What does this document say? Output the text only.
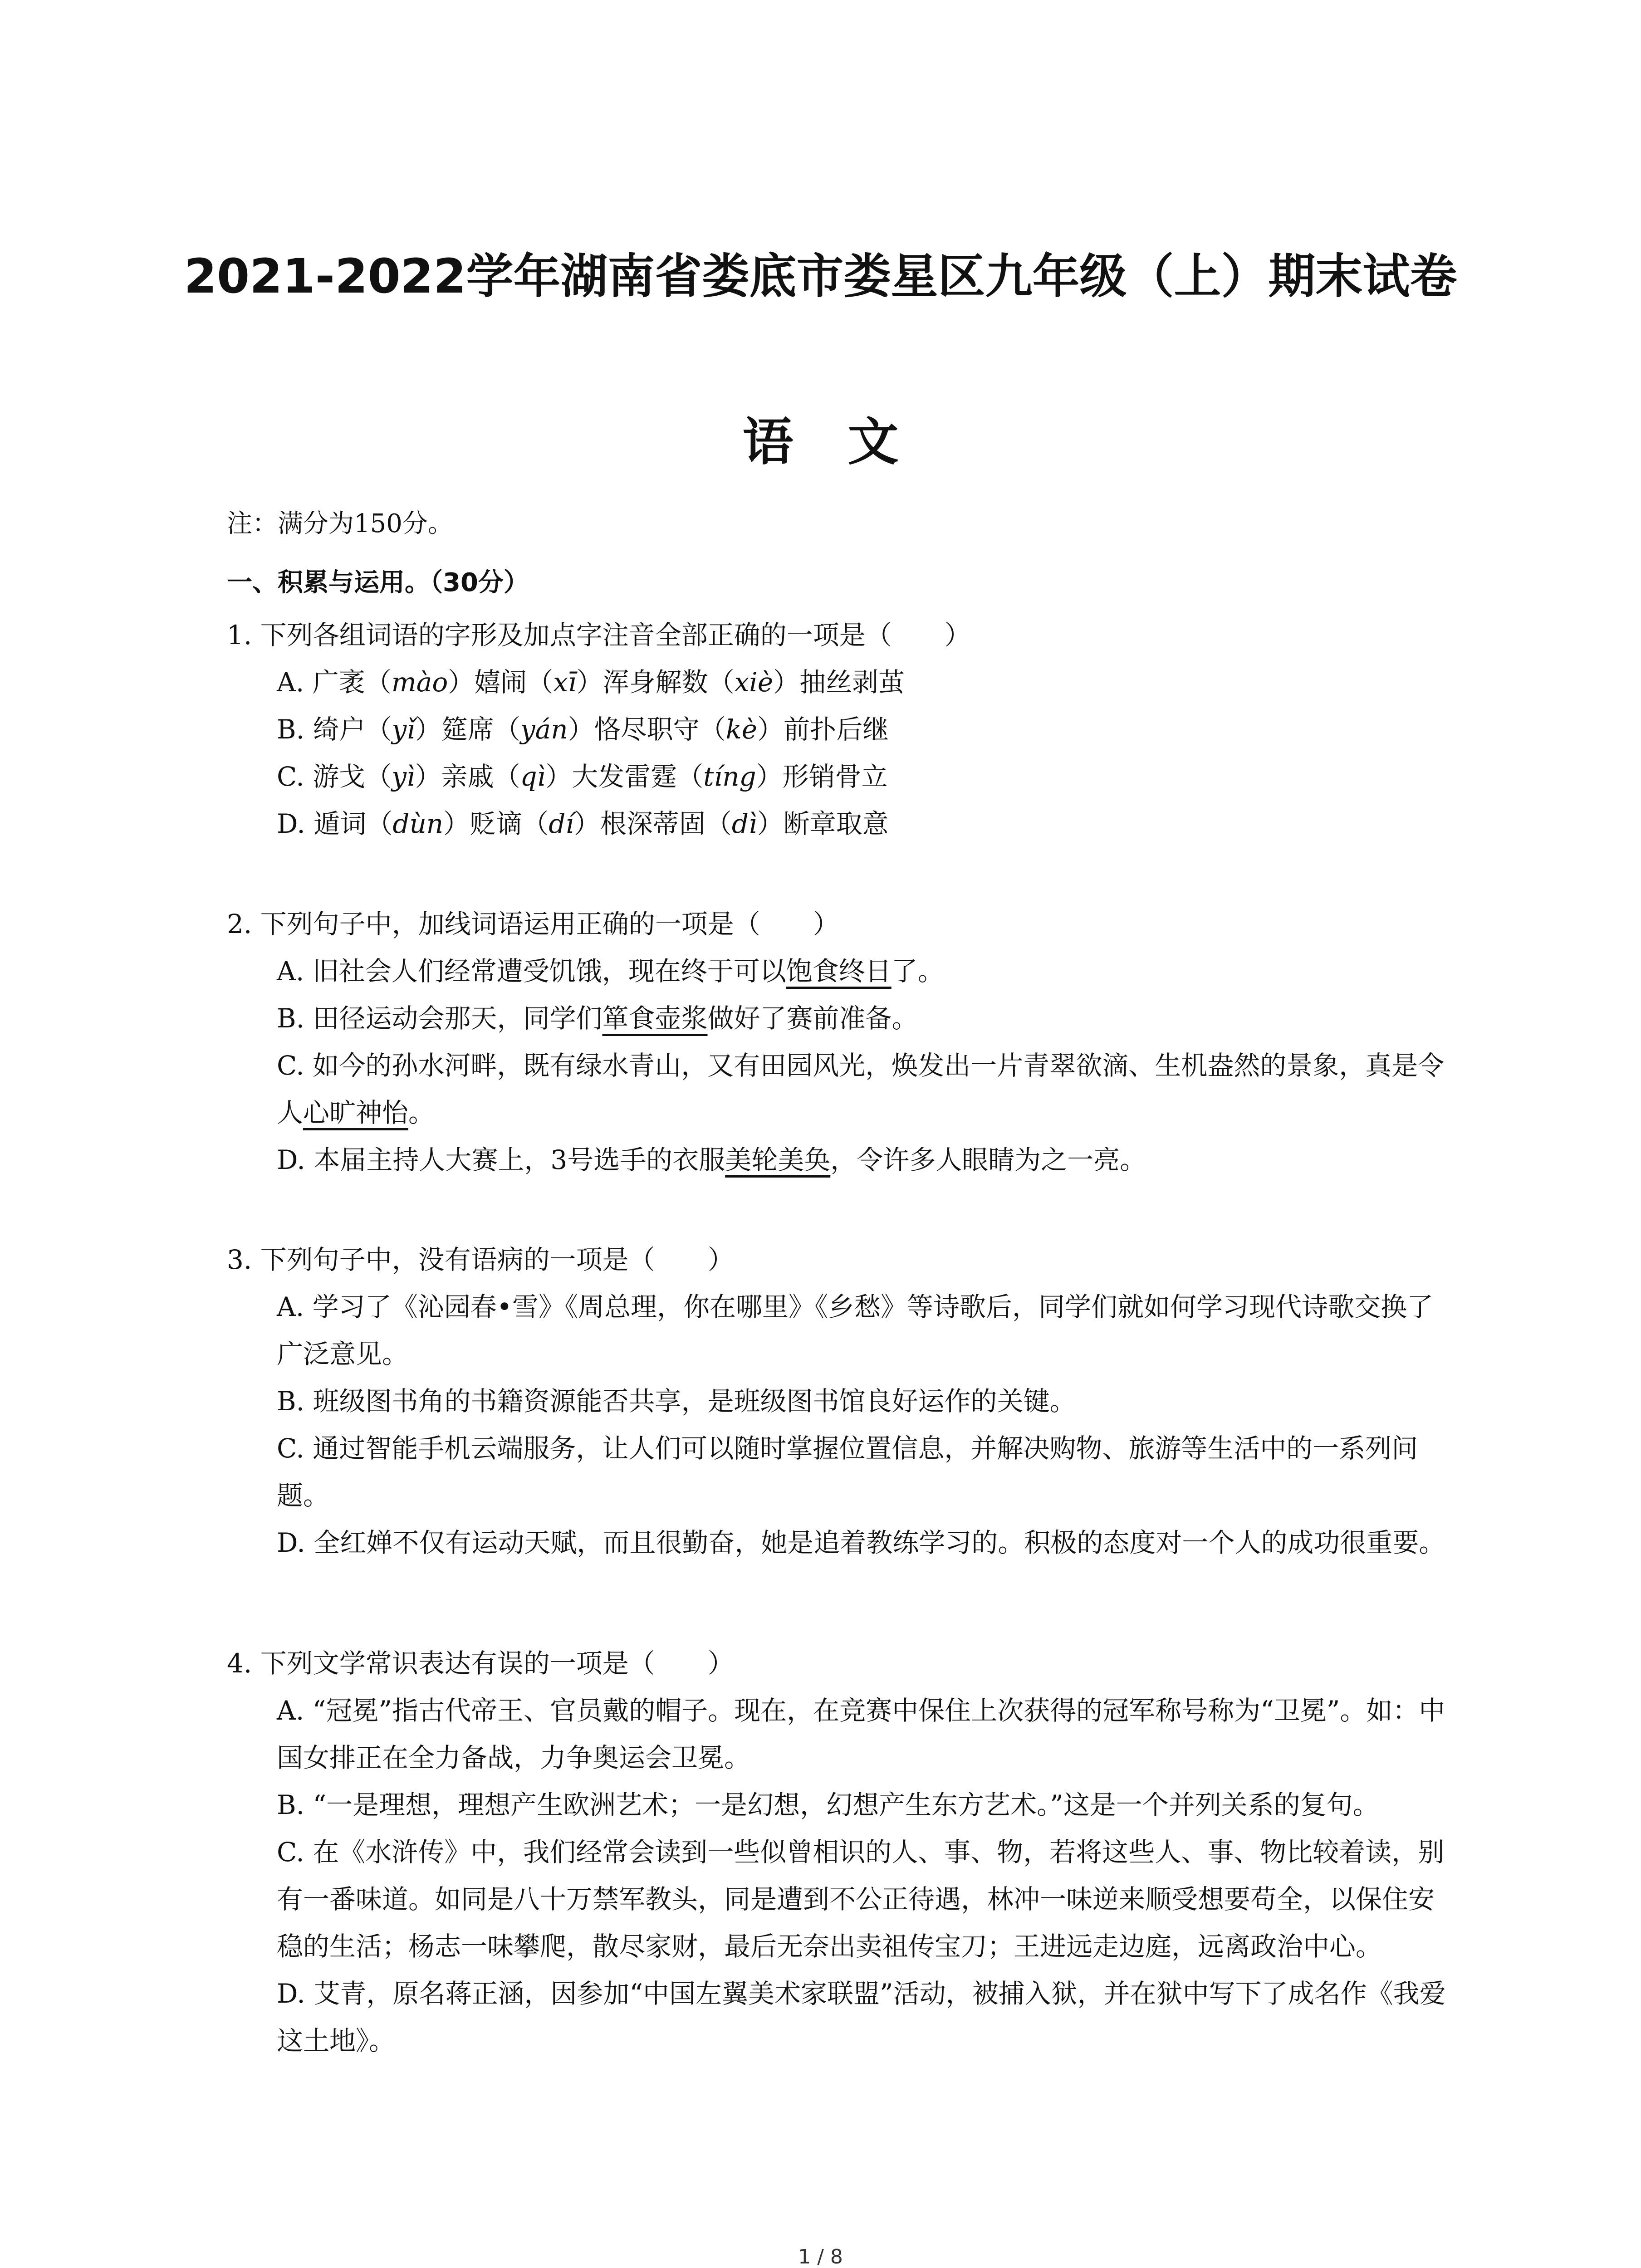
2021-2022学年湖南省娄底市娄星区九年级（上）期末试卷
语文
注：满分为150分。
一、积累与运用。（30分）
1. 下列各组词语的字形及加点字注音全部正确的一项是（　　）
A. 广袤（mào）嬉闹（xī）浑身解数（xiè）抽丝剥茧
B. 绮户（yǐ）筵席（yán）恪尽职守（kè）前扑后继
C. 游戈（yì）亲戚（qì）大发雷霆（tíng）形销骨立
D. 遁词（dùn）贬谪（dí）根深蒂固（dì）断章取意
2. 下列句子中，加线词语运用正确的一项是（　　）
A. 旧社会人们经常遭受饥饿，现在终于可以饱食终日了。
B. 田径运动会那天，同学们箪食壶浆做好了赛前准备。
C. 如今的孙水河畔，既有绿水青山，又有田园风光，焕发出一片青翠欲滴、生机盎然的景象，真是令人心旷神怡。
D. 本届主持人大赛上，3号选手的衣服美轮美奂，令许多人眼睛为之一亮。
3. 下列句子中，没有语病的一项是（　　）
A. 学习了《沁园春•雪》《周总理，你在哪里》《乡愁》等诗歌后，同学们就如何学习现代诗歌交换了广泛意见。
B. 班级图书角的书籍资源能否共享，是班级图书馆良好运作的关键。
C. 通过智能手机云端服务，让人们可以随时掌握位置信息，并解决购物、旅游等生活中的一系列问题。
D. 全红婵不仅有运动天赋，而且很勤奋，她是追着教练学习的。积极的态度对一个人的成功很重要。
4. 下列文学常识表达有误的一项是（　　）
A. “冠冕”指古代帝王、官员戴的帽子。现在，在竞赛中保住上次获得的冠军称号称为“卫冕”。如：中国女排正在全力备战，力争奥运会卫冕。
B. “一是理想，理想产生欧洲艺术；一是幻想，幻想产生东方艺术。”这是一个并列关系的复句。
C. 在《水浒传》中，我们经常会读到一些似曾相识的人、事、物，若将这些人、事、物比较着读，别有一番味道。如同是八十万禁军教头，同是遭到不公正待遇，林冲一味逆来顺受想要苟全，以保住安稳的生活；杨志一味攀爬，散尽家财，最后无奈出卖祖传宝刀；王进远走边庭，远离政治中心。
D. 艾青，原名蒋正涵，因参加“中国左翼美术家联盟”活动，被捕入狱，并在狱中写下了成名作《我爱这土地》。
1 / 8
